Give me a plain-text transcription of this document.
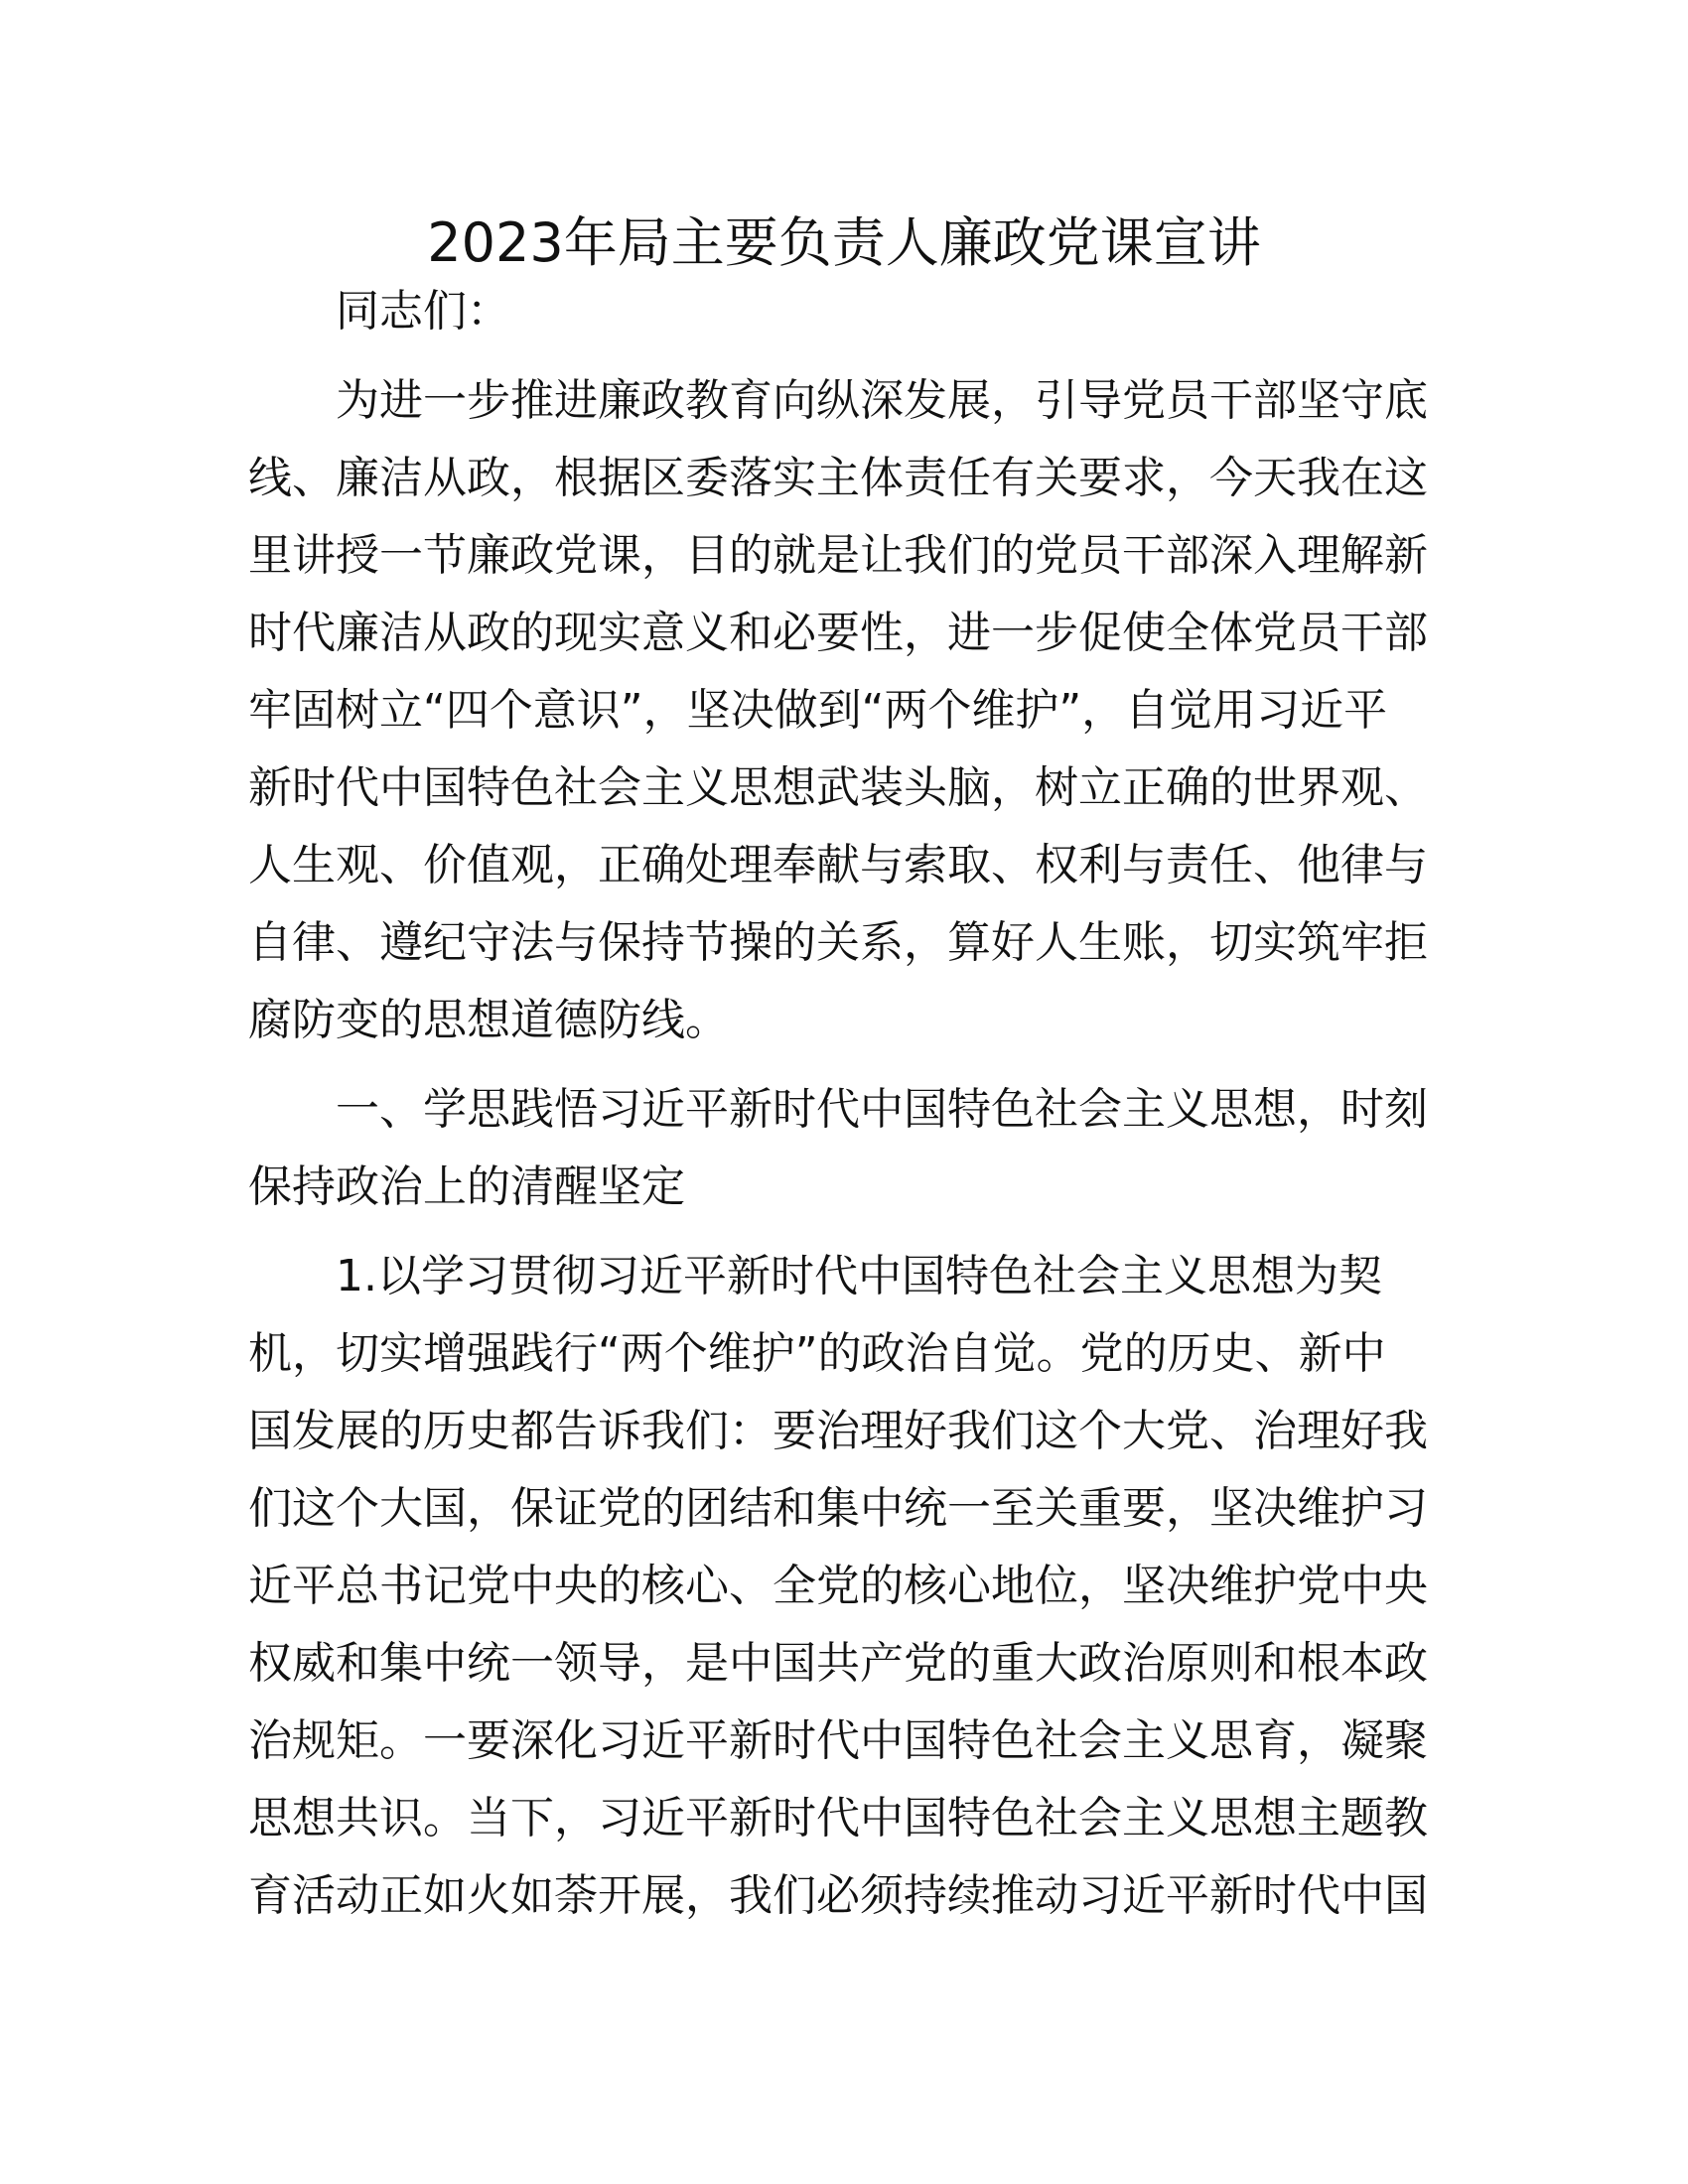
2023年局主要负责人廉政党课宣讲
同志们：
为进一步推进廉政教育向纵深发展，引导党员干部坚守底
线、廉洁从政，根据区委落实主体责任有关要求，今天我在这
里讲授一节廉政党课，目的就是让我们的党员干部深入理解新
时代廉洁从政的现实意义和必要性，进一步促使全体党员干部
牢固树立“四个意识”，坚决做到“两个维护”，自觉用习近平
新时代中国特色社会主义思想武装头脑，树立正确的世界观、
人生观、价值观，正确处理奉献与索取、权利与责任、他律与
自律、遵纪守法与保持节操的关系，算好人生账，切实筑牢拒
腐防变的思想道德防线。
一、学思践悟习近平新时代中国特色社会主义思想，时刻
保持政治上的清醒坚定
1.以学习贯彻习近平新时代中国特色社会主义思想为契
机，切实增强践行“两个维护”的政治自觉。党的历史、新中
国发展的历史都告诉我们：要治理好我们这个大党、治理好我
们这个大国，保证党的团结和集中统一至关重要，坚决维护习
近平总书记党中央的核心、全党的核心地位，坚决维护党中央
权威和集中统一领导，是中国共产党的重大政治原则和根本政
治规矩。一要深化习近平新时代中国特色社会主义思育，凝聚
思想共识。当下，习近平新时代中国特色社会主义思想主题教
育活动正如火如荼开展，我们必须持续推动习近平新时代中国
